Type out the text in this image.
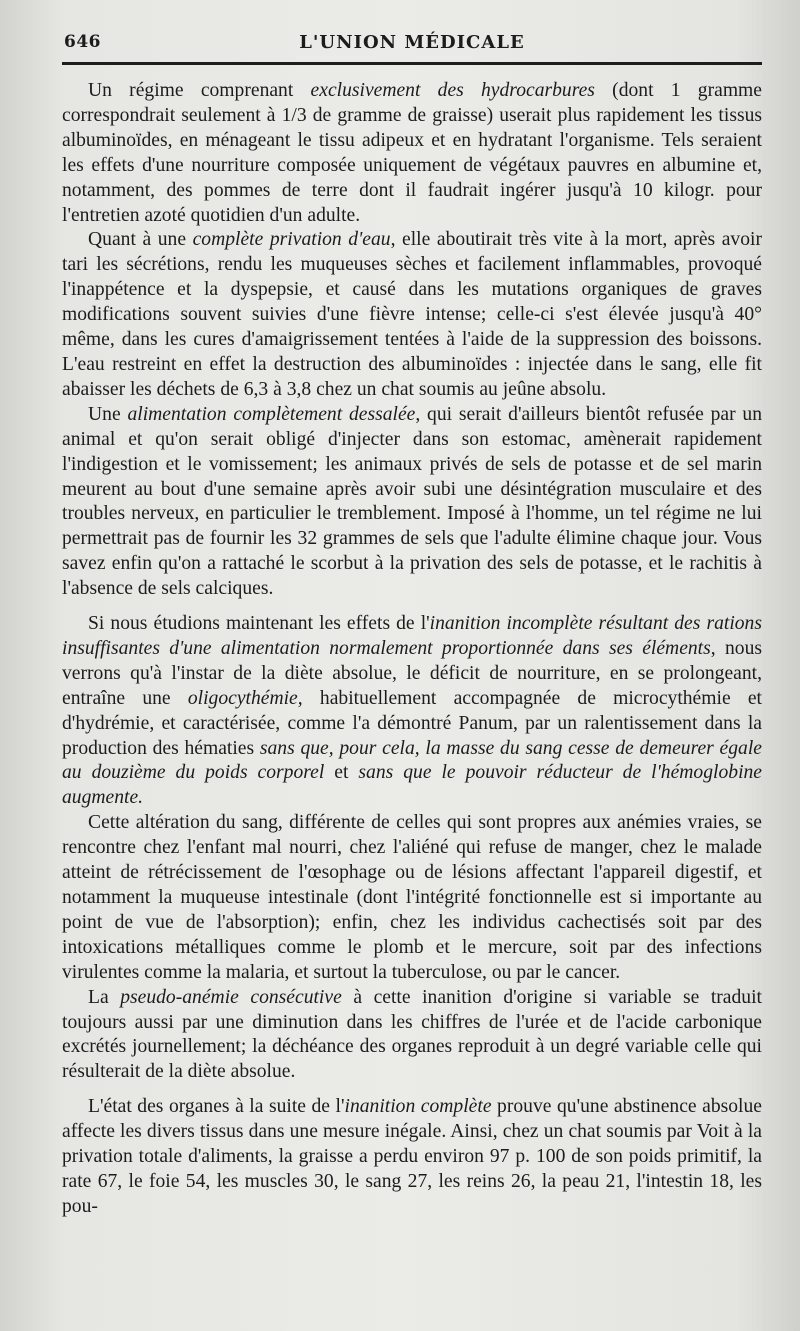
646	L'UNION MÉDICALE

Un régime comprenant exclusivement des hydrocarbures (dont 1 gramme correspondrait seulement à 1/3 de gramme de graisse) userait plus rapidement les tissus albuminoïdes, en ménageant le tissu adipeux et en hydratant l'organisme. Tels seraient les effets d'une nourriture composée uniquement de végétaux pauvres en albumine et, notamment, des pommes de terre dont il faudrait ingérer jusqu'à 10 kilogr. pour l'entretien azoté quotidien d'un adulte.

Quant à une complète privation d'eau, elle aboutirait très vite à la mort, après avoir tari les sécrétions, rendu les muqueuses sèches et facilement inflammables, provoqué l'inappétence et la dyspepsie, et causé dans les mutations organiques de graves modifications souvent suivies d'une fièvre intense; celle-ci s'est élevée jusqu'à 40° même, dans les cures d'amaigrissement tentées à l'aide de la suppression des boissons. L'eau restreint en effet la destruction des albuminoïdes : injectée dans le sang, elle fit abaisser les déchets de 6,3 à 3,8 chez un chat soumis au jeûne absolu.

Une alimentation complètement dessalée, qui serait d'ailleurs bientôt refusée par un animal et qu'on serait obligé d'injecter dans son estomac, amènerait rapidement l'indigestion et le vomissement; les animaux privés de sels de potasse et de sel marin meurent au bout d'une semaine après avoir subi une désintégration musculaire et des troubles nerveux, en particulier le tremblement. Imposé à l'homme, un tel régime ne lui permettrait pas de fournir les 32 grammes de sels que l'adulte élimine chaque jour. Vous savez enfin qu'on a rattaché le scorbut à la privation des sels de potasse, et le rachitis à l'absence de sels calciques.

Si nous étudions maintenant les effets de l'inanition incomplète résultant des rations insuffisantes d'une alimentation normalement proportionnée dans ses éléments, nous verrons qu'à l'instar de la diète absolue, le déficit de nourriture, en se prolongeant, entraîne une oligocythémie, habituellement accompagnée de microcythémie et d'hydrémie, et caractérisée, comme l'a démontré Panum, par un ralentissement dans la production des hématies sans que, pour cela, la masse du sang cesse de demeurer égale au douzième du poids corporel et sans que le pouvoir réducteur de l'hémoglobine augmente.

Cette altération du sang, différente de celles qui sont propres aux anémies vraies, se rencontre chez l'enfant mal nourri, chez l'aliéné qui refuse de manger, chez le malade atteint de rétrécissement de l'œsophage ou de lésions affectant l'appareil digestif, et notamment la muqueuse intestinale (dont l'intégrité fonctionnelle est si importante au point de vue de l'absorption); enfin, chez les individus cachectisés soit par des intoxications métalliques comme le plomb et le mercure, soit par des infections virulentes comme la malaria, et surtout la tuberculose, ou par le cancer.

La pseudo-anémie consécutive à cette inanition d'origine si variable se traduit toujours aussi par une diminution dans les chiffres de l'urée et de l'acide carbonique excrétés journellement; la déchéance des organes reproduit à un degré variable celle qui résulterait de la diète absolue.

L'état des organes à la suite de l'inanition complète prouve qu'une abstinence absolue affecte les divers tissus dans une mesure inégale. Ainsi, chez un chat soumis par Voit à la privation totale d'aliments, la graisse a perdu environ 97 p. 100 de son poids primitif, la rate 67, le foie 54, les muscles 30, le sang 27, les reins 26, la peau 21, l'intestin 18, les pou-
